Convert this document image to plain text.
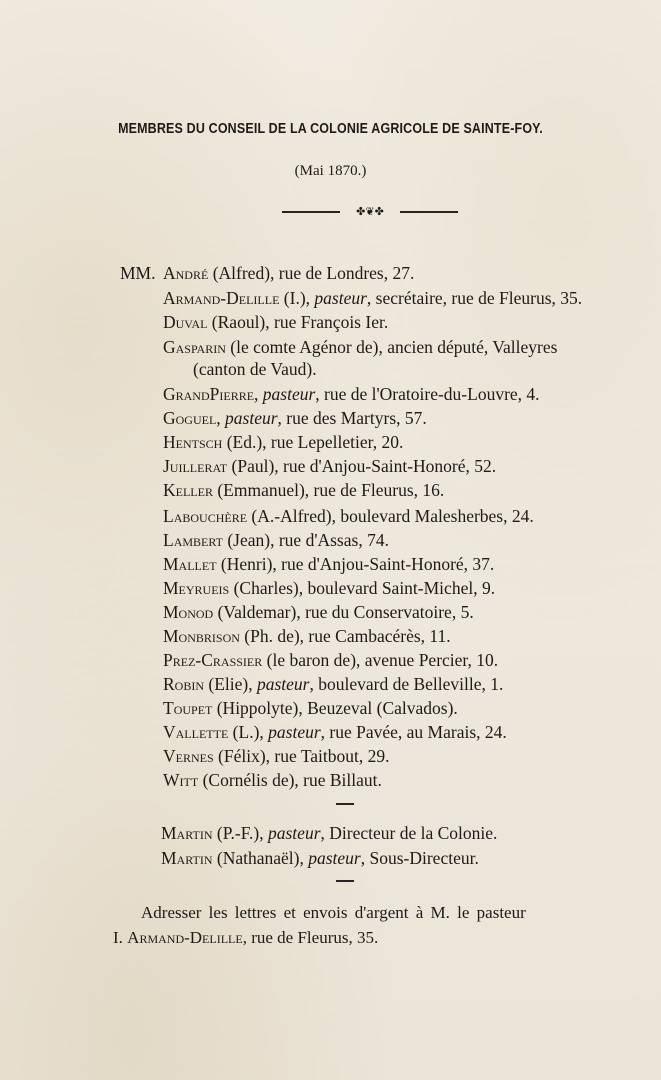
MEMBRES DU CONSEIL DE LA COLONIE AGRICOLE DE SAINTE-FOY.
(Mai 1870.)
✤❦✤
MM. André (Alfred), rue de Londres, 27.
Armand-Delille (I.), pasteur, secrétaire, rue de Fleurus, 35.
Duval (Raoul), rue François Ier.
Gasparin (le comte Agénor de), ancien député, Valleyres
(canton de Vaud).
GrandPierre, pasteur, rue de l'Oratoire-du-Louvre, 4.
Goguel, pasteur, rue des Martyrs, 57.
Hentsch (Ed.), rue Lepelletier, 20.
Juillerat (Paul), rue d'Anjou-Saint-Honoré, 52.
Keller (Emmanuel), rue de Fleurus, 16.
Labouchère (A.-Alfred), boulevard Malesherbes, 24.
Lambert (Jean), rue d'Assas, 74.
Mallet (Henri), rue d'Anjou-Saint-Honoré, 37.
Meyrueis (Charles), boulevard Saint-Michel, 9.
Monod (Valdemar), rue du Conservatoire, 5.
Monbrison (Ph. de), rue Cambacérès, 11.
Prez-Crassier (le baron de), avenue Percier, 10.
Robin (Elie), pasteur, boulevard de Belleville, 1.
Toupet (Hippolyte), Beuzeval (Calvados).
Vallette (L.), pasteur, rue Pavée, au Marais, 24.
Vernes (Félix), rue Taitbout, 29.
Witt (Cornélis de), rue Billaut.
Martin (P.-F.), pasteur, Directeur de la Colonie.
Martin (Nathanaël), pasteur, Sous-Directeur.
Adresser les lettres et envois d'argent à M. le pasteur
I. Armand-Delille, rue de Fleurus, 35.
